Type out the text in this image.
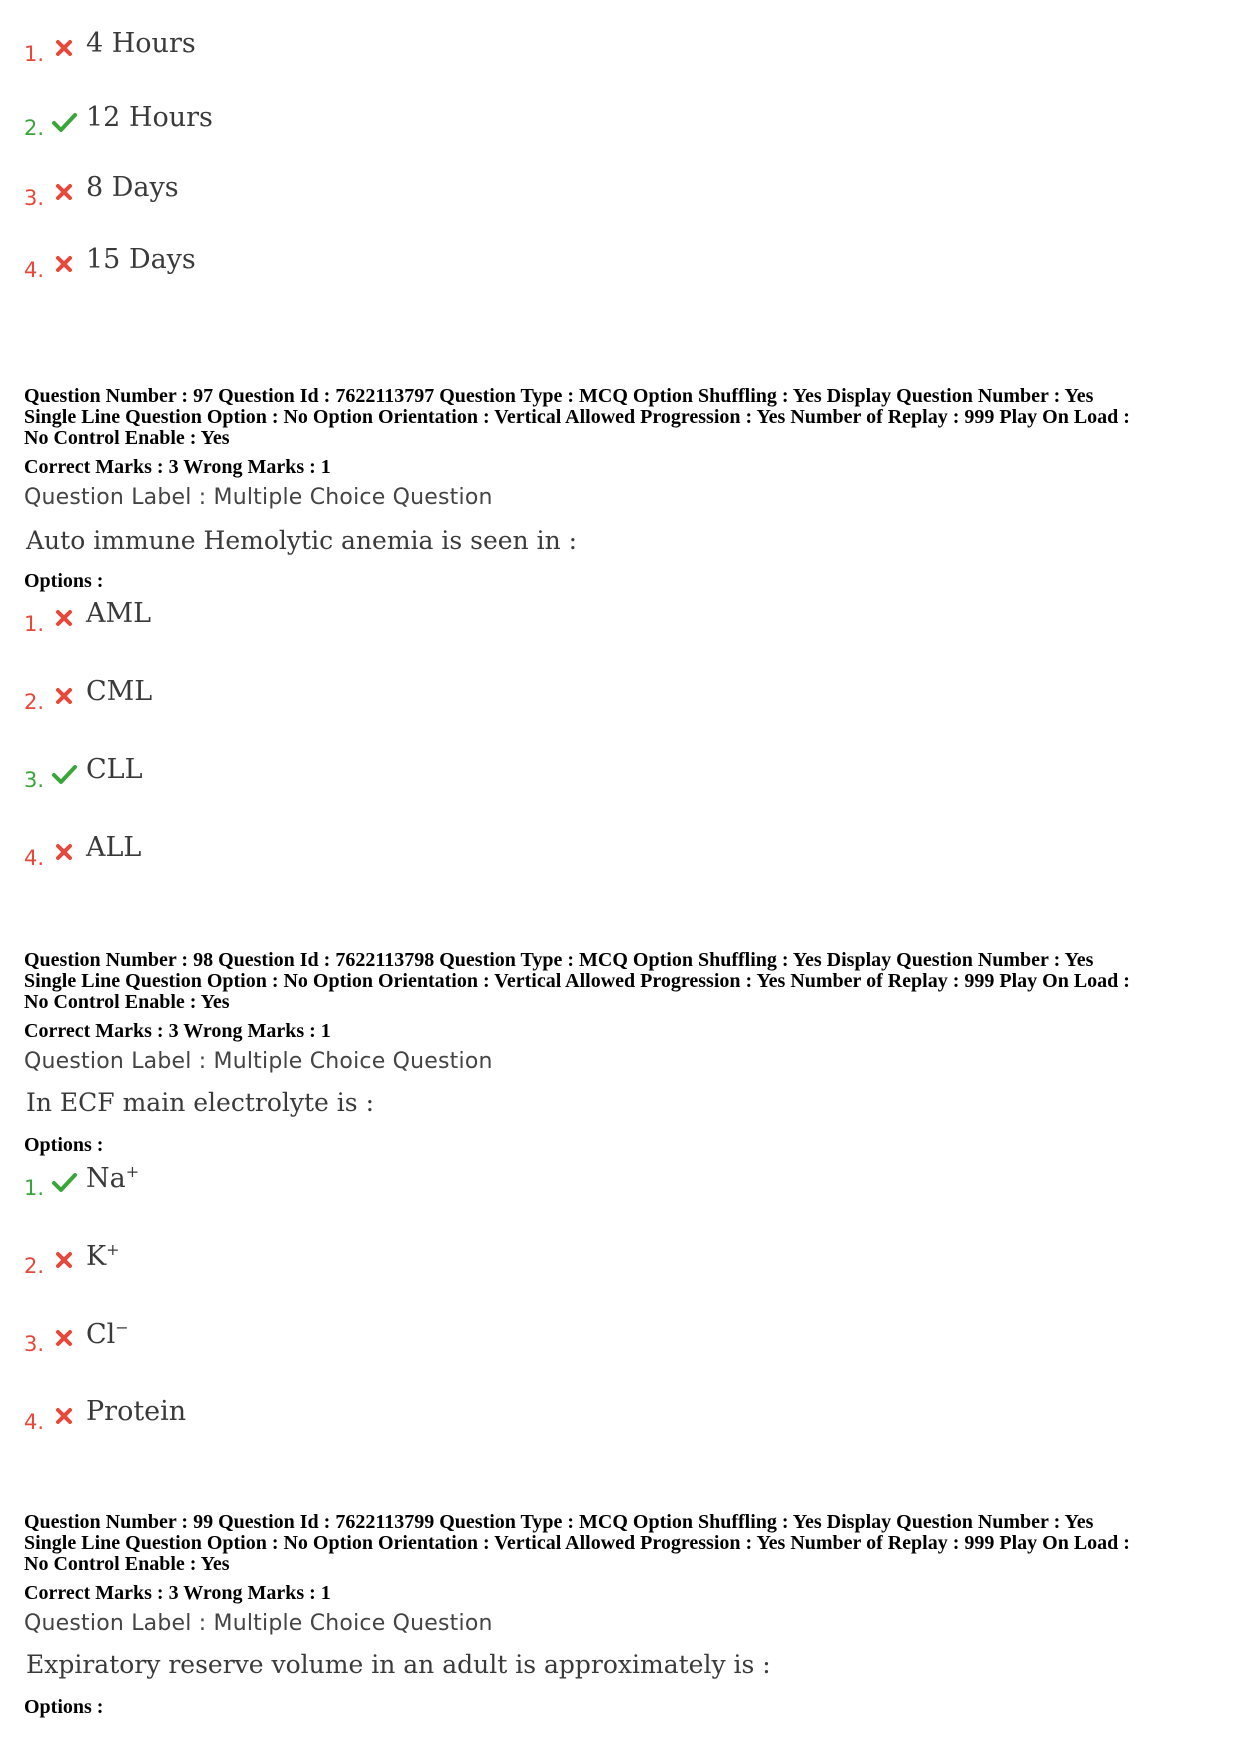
1. 4 Hours
2. 12 Hours
3. 8 Days
4. 15 Days
Question Number : 97 Question Id : 7622113797 Question Type : MCQ Option Shuffling : Yes Display Question Number : Yes
Single Line Question Option : No Option Orientation : Vertical Allowed Progression : Yes Number of Replay : 999 Play On Load :
No Control Enable : Yes
Correct Marks : 3 Wrong Marks : 1
Question Label : Multiple Choice Question
Auto immune Hemolytic anemia is seen in :
Options :
1. AML
2. CML
3. CLL
4. ALL
Question Number : 98 Question Id : 7622113798 Question Type : MCQ Option Shuffling : Yes Display Question Number : Yes
Single Line Question Option : No Option Orientation : Vertical Allowed Progression : Yes Number of Replay : 999 Play On Load :
No Control Enable : Yes
Correct Marks : 3 Wrong Marks : 1
Question Label : Multiple Choice Question
In ECF main electrolyte is :
Options :
1. Na+
2. K+
3. Cl−
4. Protein
Question Number : 99 Question Id : 7622113799 Question Type : MCQ Option Shuffling : Yes Display Question Number : Yes
Single Line Question Option : No Option Orientation : Vertical Allowed Progression : Yes Number of Replay : 999 Play On Load :
No Control Enable : Yes
Correct Marks : 3 Wrong Marks : 1
Question Label : Multiple Choice Question
Expiratory reserve volume in an adult is approximately is :
Options :
